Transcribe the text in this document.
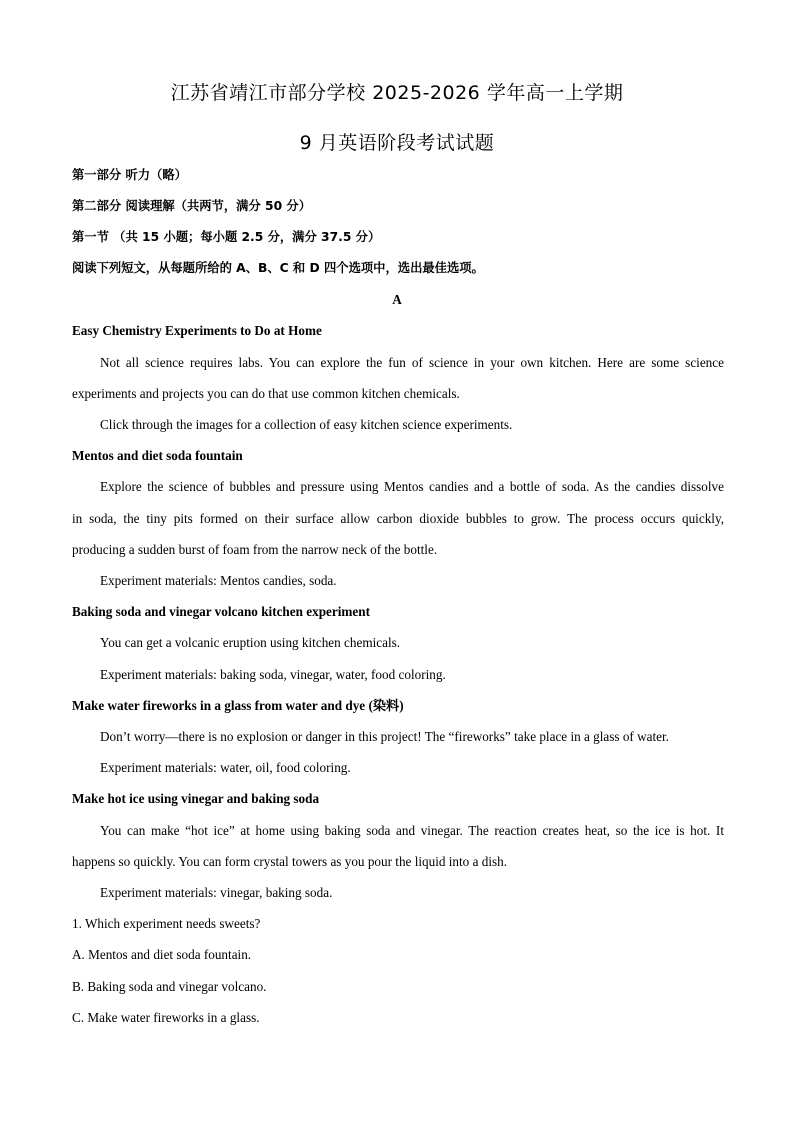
江苏省靖江市部分学校 2025-2026 学年高一上学期
9 月英语阶段考试试题
第一部分 听力（略）
第二部分 阅读理解（共两节，满分 50 分）
第一节 （共 15 小题；每小题 2.5 分，满分 37.5 分）
阅读下列短文，从每题所给的 A、B、C 和 D 四个选项中，选出最佳选项。
A
Easy Chemistry Experiments to Do at Home
Not all science requires labs. You can explore the fun of science in your own kitchen. Here are some science
experiments and projects you can do that use common kitchen chemicals.
Click through the images for a collection of easy kitchen science experiments.
Mentos and diet soda fountain
Explore the science of bubbles and pressure using Mentos candies and a bottle of soda. As the candies dissolve
in soda, the tiny pits formed on their surface allow carbon dioxide bubbles to grow. The process occurs quickly,
producing a sudden burst of foam from the narrow neck of the bottle.
Experiment materials: Mentos candies, soda.
Baking soda and vinegar volcano kitchen experiment
You can get a volcanic eruption using kitchen chemicals.
Experiment materials: baking soda, vinegar, water, food coloring.
Make water fireworks in a glass from water and dye (染料)
Don’t worry—there is no explosion or danger in this project! The “fireworks” take place in a glass of water.
Experiment materials: water, oil, food coloring.
Make hot ice using vinegar and baking soda
You can make “hot ice” at home using baking soda and vinegar. The reaction creates heat, so the ice is hot. It
happens so quickly. You can form crystal towers as you pour the liquid into a dish.
Experiment materials: vinegar, baking soda.
1. Which experiment needs sweets?
A. Mentos and diet soda fountain.
B. Baking soda and vinegar volcano.
C. Make water fireworks in a glass.
